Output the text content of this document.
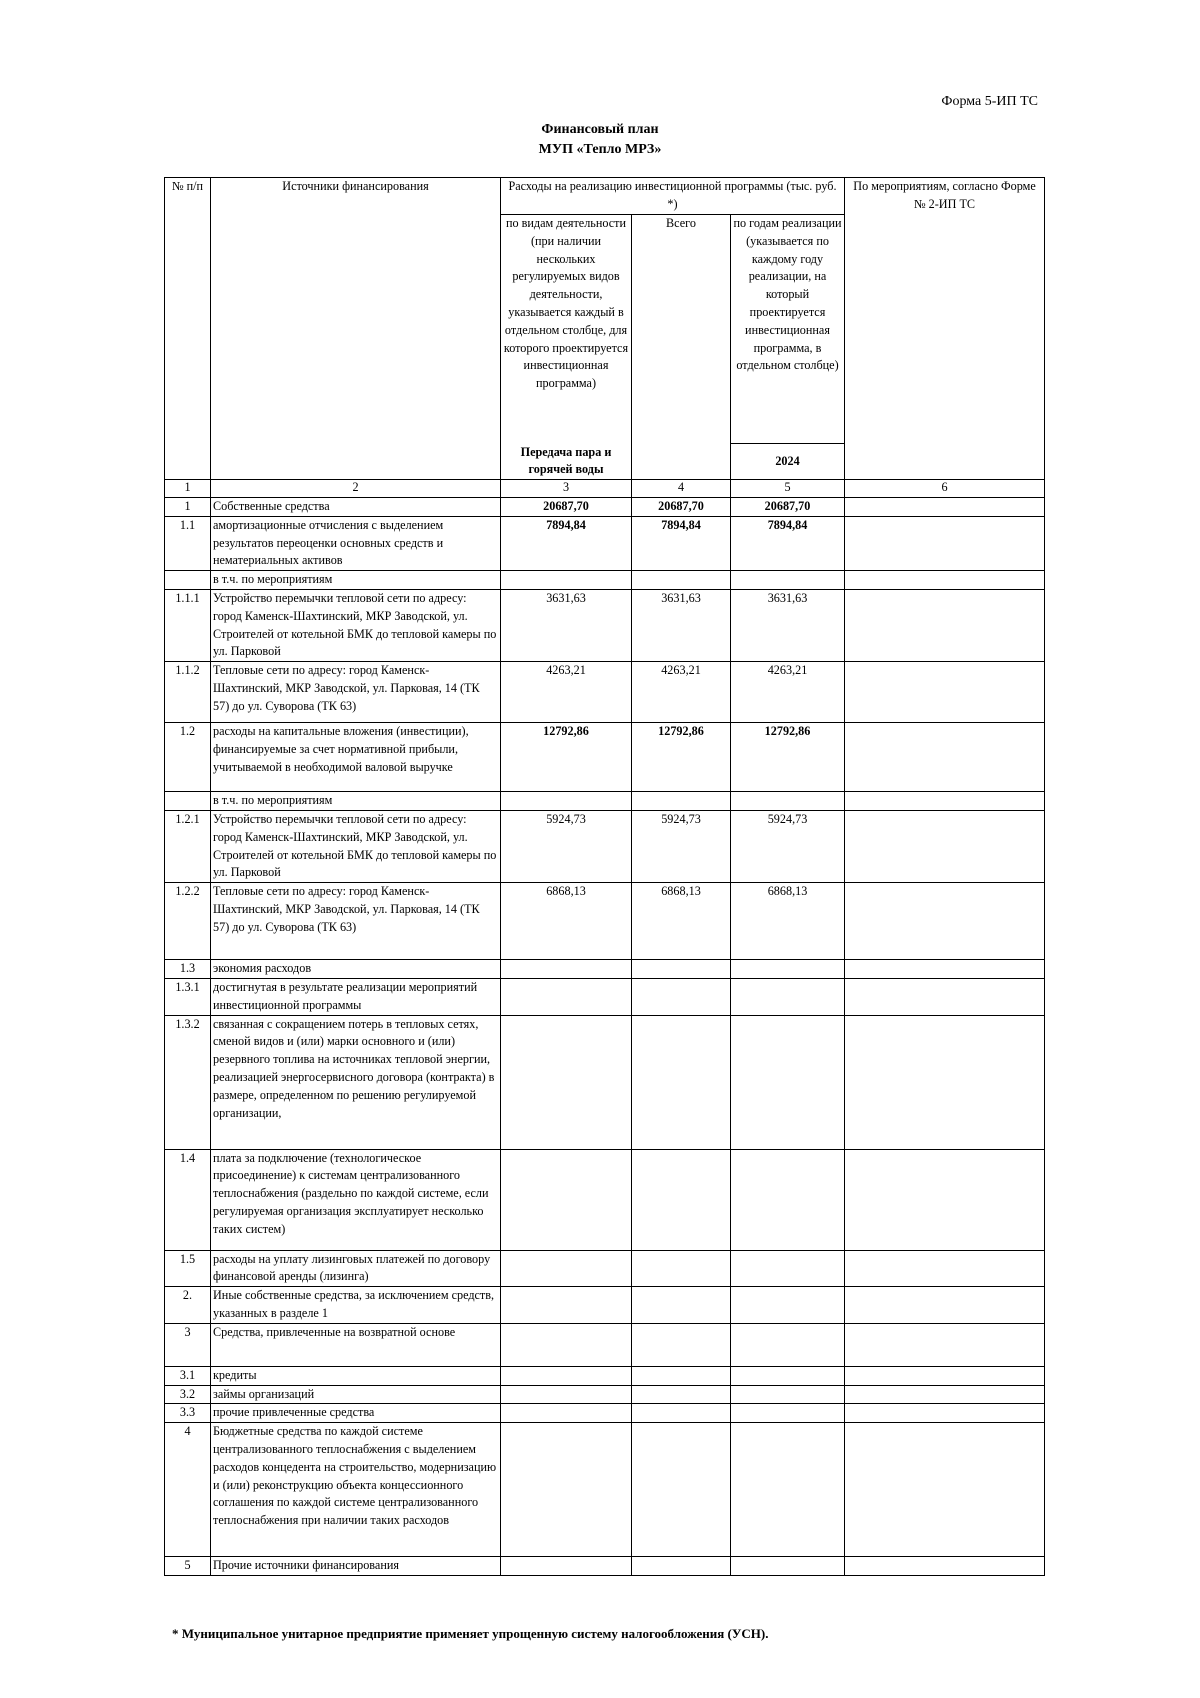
Форма 5-ИП ТС
Финансовый план
МУП «Тепло МРЗ»
№ п/п	Источники финансирования	Расходы на реализацию инвестиционной программы (тыс. руб. *)			По мероприятиям, согласно Форме № 2-ИП ТС
		по видам деятельности (при наличии нескольких регулируемых видов деятельности, указывается каждый в отдельном столбце, для которого проектируется инвестиционная программа)	Всего	по годам реализации (указывается по каждому году реализации, на который проектируется инвестиционная программа, в отдельном столбце)	
		Передача пара и горячей воды		2024	
1	2	3	4	5	6
1	Собственные средства	20687,70	20687,70	20687,70	
1.1	амортизационные отчисления с выделением результатов переоценки основных средств и нематериальных активов	7894,84	7894,84	7894,84	
	в т.ч. по мероприятиям				
1.1.1	Устройство перемычки тепловой сети по адресу: город Каменск-Шахтинский, МКР Заводской, ул. Строителей от котельной БМК до тепловой камеры по ул. Парковой	3631,63	3631,63	3631,63	
1.1.2	Тепловые сети по адресу: город Каменск-Шахтинский, МКР Заводской, ул. Парковая, 14 (ТК 57) до ул. Суворова (ТК 63)	4263,21	4263,21	4263,21	
1.2	расходы на капитальные вложения (инвестиции), финансируемые за счет нормативной прибыли, учитываемой в необходимой валовой выручке	12792,86	12792,86	12792,86	
	в т.ч. по мероприятиям				
1.2.1	Устройство перемычки тепловой сети по адресу: город Каменск-Шахтинский, МКР Заводской, ул. Строителей от котельной БМК до тепловой камеры по ул. Парковой	5924,73	5924,73	5924,73	
1.2.2	Тепловые сети по адресу: город Каменск-Шахтинский, МКР Заводской, ул. Парковая, 14 (ТК 57) до ул. Суворова (ТК 63)	6868,13	6868,13	6868,13	
1.3	экономия расходов				
1.3.1	достигнутая в результате реализации мероприятий инвестиционной программы				
1.3.2	связанная с сокращением потерь в тепловых сетях, сменой видов и (или) марки основного и (или) резервного топлива на источниках тепловой энергии, реализацией энергосервисного договора (контракта) в размере, определенном по решению регулируемой организации,				
1.4	плата за подключение (технологическое присоединение) к системам централизованного теплоснабжения (раздельно по каждой системе, если регулируемая организация эксплуатирует несколько таких систем)				
1.5	расходы на уплату лизинговых платежей по договору финансовой аренды (лизинга)				
2.	Иные собственные средства, за исключением средств, указанных в разделе 1				
3	Средства, привлеченные на возвратной основе				
3.1	кредиты				
3.2	займы организаций				
3.3	прочие привлеченные средства				
4	Бюджетные средства по каждой системе централизованного теплоснабжения с выделением расходов концедента на строительство, модернизацию и (или) реконструкцию объекта концессионного соглашения по каждой системе централизованного теплоснабжения при наличии таких расходов				
5	Прочие источники финансирования				
* Муниципальное унитарное предприятие применяет упрощенную систему налогообложения (УСН).
